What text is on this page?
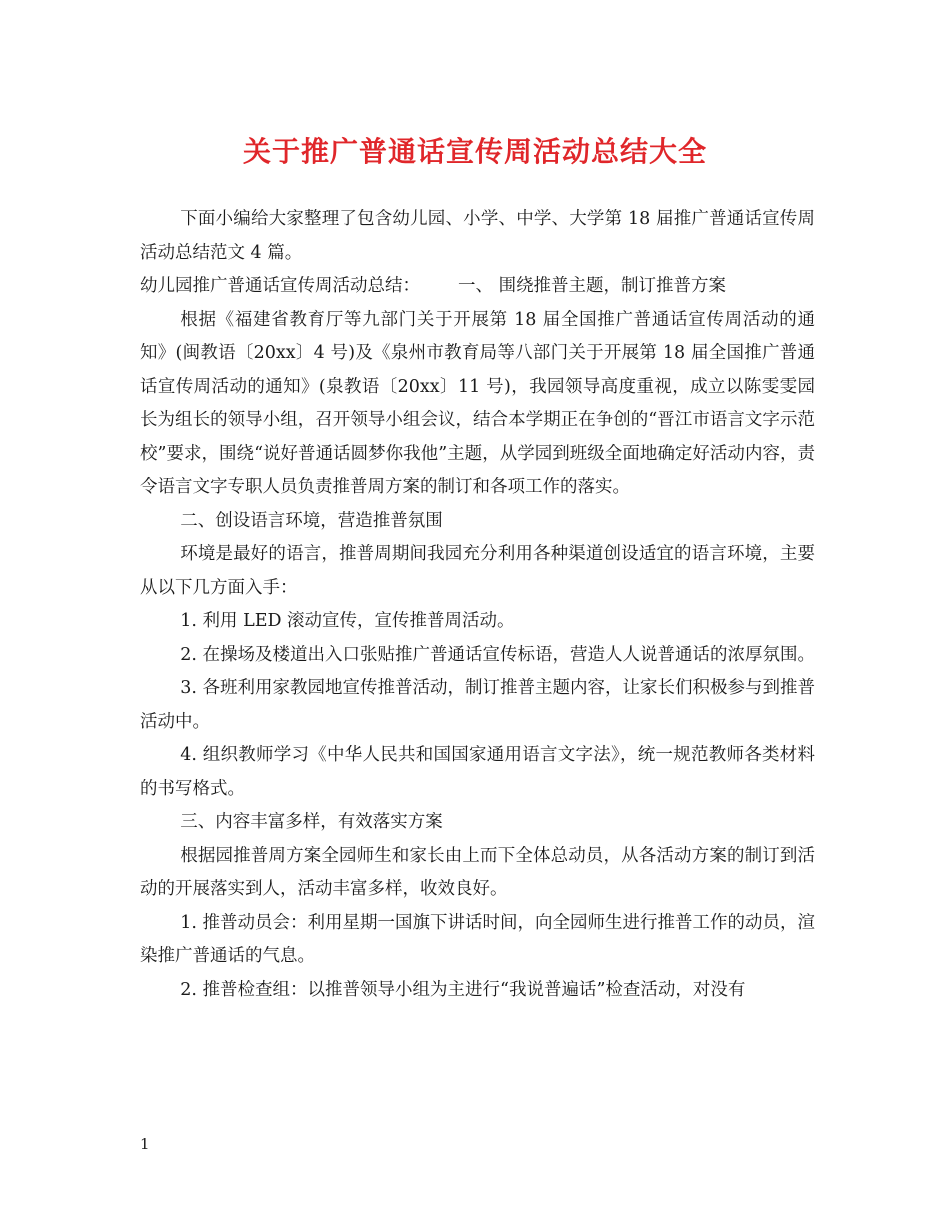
关于推广普通话宣传周活动总结大全

下面小编给大家整理了包含幼儿园、小学、中学、大学第 18 届推广普通话宣传周活动总结范文 4 篇。

幼儿园推广普通话宣传周活动总结： 一、 围绕推普主题，制订推普方案

根据《福建省教育厅等九部门关于开展第 18 届全国推广普通话宣传周活动的通知》(闽教语〔20xx〕4 号)及《泉州市教育局等八部门关于开展第 18 届全国推广普通话宣传周活动的通知》(泉教语〔20xx〕11 号)，我园领导高度重视，成立以陈雯雯园长为组长的领导小组，召开领导小组会议，结合本学期正在争创的“晋江市语言文字示范校”要求，围绕“说好普通话圆梦你我他”主题，从学园到班级全面地确定好活动内容，责令语言文字专职人员负责推普周方案的制订和各项工作的落实。

二、创设语言环境，营造推普氛围

环境是最好的语言，推普周期间我园充分利用各种渠道创设适宜的语言环境，主要从以下几方面入手：

1. 利用 LED 滚动宣传，宣传推普周活动。

2. 在操场及楼道出入口张贴推广普通话宣传标语，营造人人说普通话的浓厚氛围。

3. 各班利用家教园地宣传推普活动，制订推普主题内容，让家长们积极参与到推普活动中。

4. 组织教师学习《中华人民共和国国家通用语言文字法》，统一规范教师各类材料的书写格式。

三、内容丰富多样，有效落实方案

根据园推普周方案全园师生和家长由上而下全体总动员，从各活动方案的制订到活动的开展落实到人，活动丰富多样，收效良好。

1. 推普动员会：利用星期一国旗下讲话时间，向全园师生进行推普工作的动员，渲染推广普通话的气息。

2. 推普检查组：以推普领导小组为主进行“我说普遍话”检查活动，对没有

1
